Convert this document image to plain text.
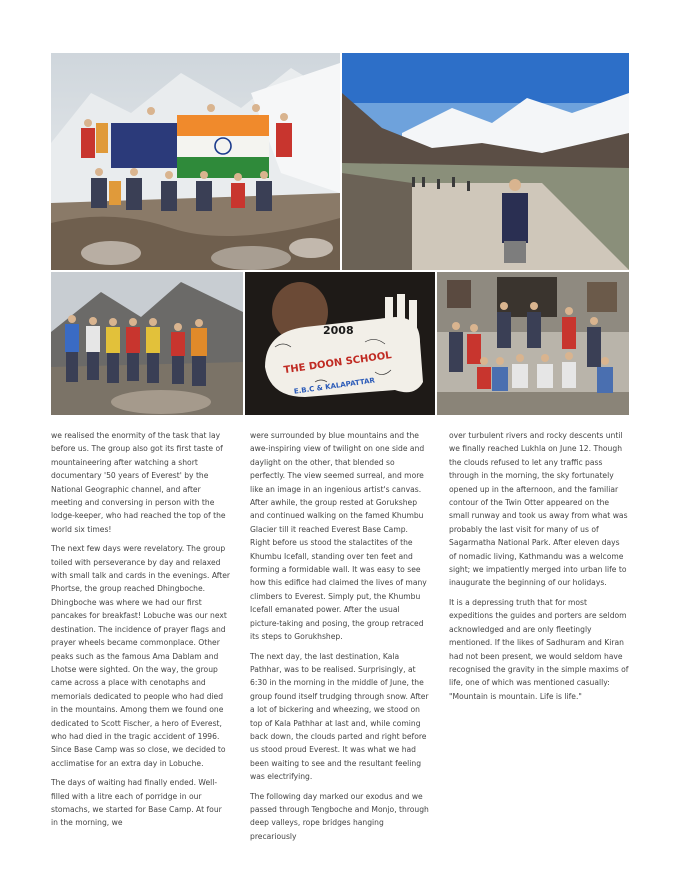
2008
THE DOON SCHOOL
E.B.C & KALAPATTAR

we realised the enormity of the task that lay before us. The group also got its first taste of mountaineering after watching a short documentary '50 years of Everest' by the National Geographic channel, and after meeting and conversing in person with the lodge-keeper, who had reached the top of the world six times!

The next few days were revelatory. The group toiled with perseverance by day and relaxed with small talk and cards in the evenings. After Phortse, the group reached Dhingboche. Dhingboche was where we had our first pancakes for breakfast! Lobuche was our next destination. The incidence of prayer flags and prayer wheels became commonplace. Other peaks such as the famous Ama Dablam and Lhotse were sighted. On the way, the group came across a place with cenotaphs and memorials dedicated to people who had died in the mountains. Among them we found one dedicated to Scott Fischer, a hero of Everest, who had died in the tragic accident of 1996. Since Base Camp was so close, we decided to acclimatise for an extra day in Lobuche.

The days of waiting had finally ended. Well-filled with a litre each of porridge in our stomachs, we started for Base Camp. At four in the morning, we

were surrounded by blue mountains and the awe-inspiring view of twilight on one side and daylight on the other, that blended so perfectly. The view seemed surreal, and more like an image in an ingenious artist's canvas. After awhile, the group rested at Gorukshep and continued walking on the famed Khumbu Glacier till it reached Everest Base Camp. Right before us stood the stalactites of the Khumbu Icefall, standing over ten feet and forming a formidable wall. It was easy to see how this edifice had claimed the lives of many climbers to Everest. Simply put, the Khumbu Icefall emanated power. After the usual picture-taking and posing, the group retraced its steps to Gorukhshep.

The next day, the last destination, Kala Pathhar, was to be realised. Surprisingly, at 6:30 in the morning in the middle of June, the group found itself trudging through snow. After a lot of bickering and wheezing, we stood on top of Kala Pathhar at last and, while coming back down, the clouds parted and right before us stood proud Everest. It was what we had been waiting to see and the resultant feeling was electrifying.

The following day marked our exodus and we passed through Tengboche and Monjo, through deep valleys, rope bridges hanging precariously

over turbulent rivers and rocky descents until we finally reached Lukhla on June 12. Though the clouds refused to let any traffic pass through in the morning, the sky fortunately opened up in the afternoon, and the familiar contour of the Twin Otter appeared on the small runway and took us away from what was probably the last visit for many of us of Sagarmatha National Park. After eleven days of nomadic living, Kathmandu was a welcome sight; we impatiently merged into urban life to inaugurate the beginning of our holidays.

It is a depressing truth that for most expeditions the guides and porters are seldom acknowledged and are only fleetingly mentioned. If the likes of Sadhuram and Kiran had not been present, we would seldom have recognised the gravity in the simple maxims of life, one of which was mentioned casually: "Mountain is mountain. Life is life."
